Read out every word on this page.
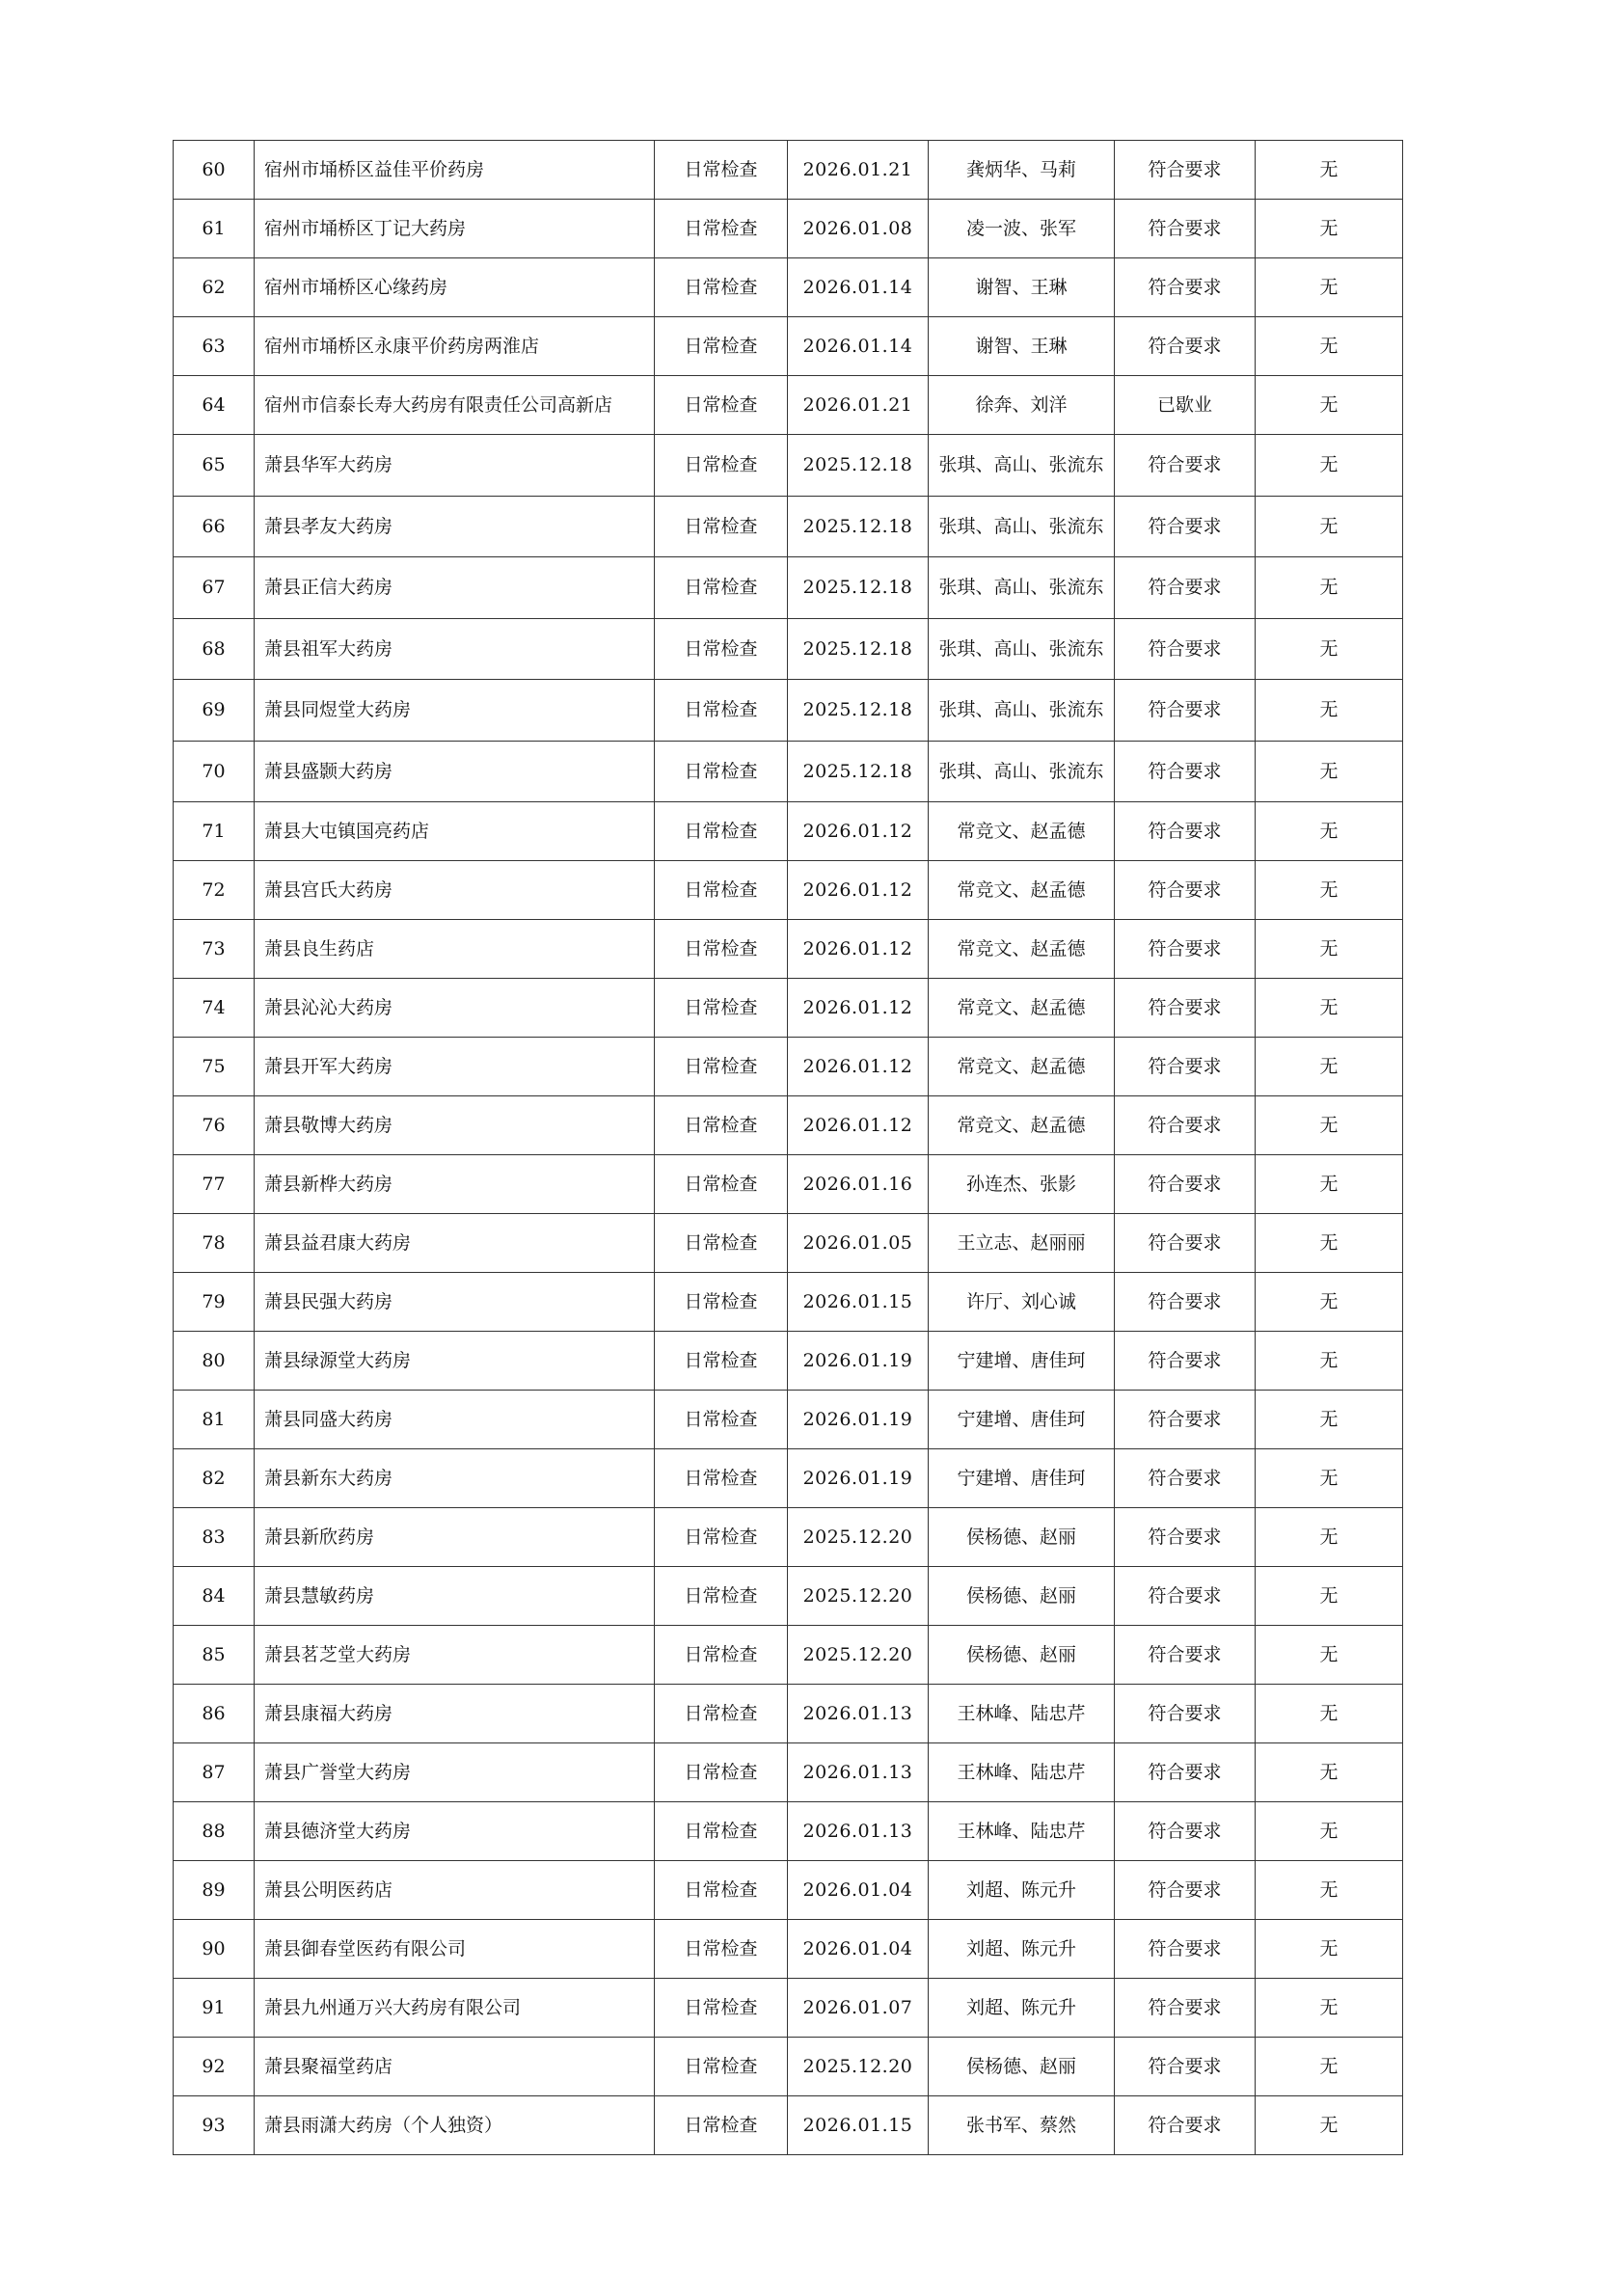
60	宿州市埇桥区益佳平价药房	日常检查	2026.01.21	龚炳华、马莉	符合要求	无
61	宿州市埇桥区丁记大药房	日常检查	2026.01.08	凌一波、张军	符合要求	无
62	宿州市埇桥区心缘药房	日常检查	2026.01.14	谢智、王琳	符合要求	无
63	宿州市埇桥区永康平价药房两淮店	日常检查	2026.01.14	谢智、王琳	符合要求	无
64	宿州市信泰长寿大药房有限责任公司高新店	日常检查	2026.01.21	徐奔、刘洋	已歇业	无
65	萧县华军大药房	日常检查	2025.12.18	张琪、高山、张流东	符合要求	无
66	萧县孝友大药房	日常检查	2025.12.18	张琪、高山、张流东	符合要求	无
67	萧县正信大药房	日常检查	2025.12.18	张琪、高山、张流东	符合要求	无
68	萧县祖军大药房	日常检查	2025.12.18	张琪、高山、张流东	符合要求	无
69	萧县同煜堂大药房	日常检查	2025.12.18	张琪、高山、张流东	符合要求	无
70	萧县盛颢大药房	日常检查	2025.12.18	张琪、高山、张流东	符合要求	无
71	萧县大屯镇国亮药店	日常检查	2026.01.12	常竞文、赵孟德	符合要求	无
72	萧县宫氏大药房	日常检查	2026.01.12	常竞文、赵孟德	符合要求	无
73	萧县良生药店	日常检查	2026.01.12	常竞文、赵孟德	符合要求	无
74	萧县沁沁大药房	日常检查	2026.01.12	常竞文、赵孟德	符合要求	无
75	萧县开军大药房	日常检查	2026.01.12	常竞文、赵孟德	符合要求	无
76	萧县敬博大药房	日常检查	2026.01.12	常竞文、赵孟德	符合要求	无
77	萧县新桦大药房	日常检查	2026.01.16	孙连杰、张影	符合要求	无
78	萧县益君康大药房	日常检查	2026.01.05	王立志、赵丽丽	符合要求	无
79	萧县民强大药房	日常检查	2026.01.15	许厅、刘心诚	符合要求	无
80	萧县绿源堂大药房	日常检查	2026.01.19	宁建增、唐佳珂	符合要求	无
81	萧县同盛大药房	日常检查	2026.01.19	宁建增、唐佳珂	符合要求	无
82	萧县新东大药房	日常检查	2026.01.19	宁建增、唐佳珂	符合要求	无
83	萧县新欣药房	日常检查	2025.12.20	侯杨德、赵丽	符合要求	无
84	萧县慧敏药房	日常检查	2025.12.20	侯杨德、赵丽	符合要求	无
85	萧县茗芝堂大药房	日常检查	2025.12.20	侯杨德、赵丽	符合要求	无
86	萧县康福大药房	日常检查	2026.01.13	王林峰、陆忠芹	符合要求	无
87	萧县广誉堂大药房	日常检查	2026.01.13	王林峰、陆忠芹	符合要求	无
88	萧县德济堂大药房	日常检查	2026.01.13	王林峰、陆忠芹	符合要求	无
89	萧县公明医药店	日常检查	2026.01.04	刘超、陈元升	符合要求	无
90	萧县御春堂医药有限公司	日常检查	2026.01.04	刘超、陈元升	符合要求	无
91	萧县九州通万兴大药房有限公司	日常检查	2026.01.07	刘超、陈元升	符合要求	无
92	萧县聚福堂药店	日常检查	2025.12.20	侯杨德、赵丽	符合要求	无
93	萧县雨潇大药房（个人独资）	日常检查	2026.01.15	张书军、蔡然	符合要求	无
